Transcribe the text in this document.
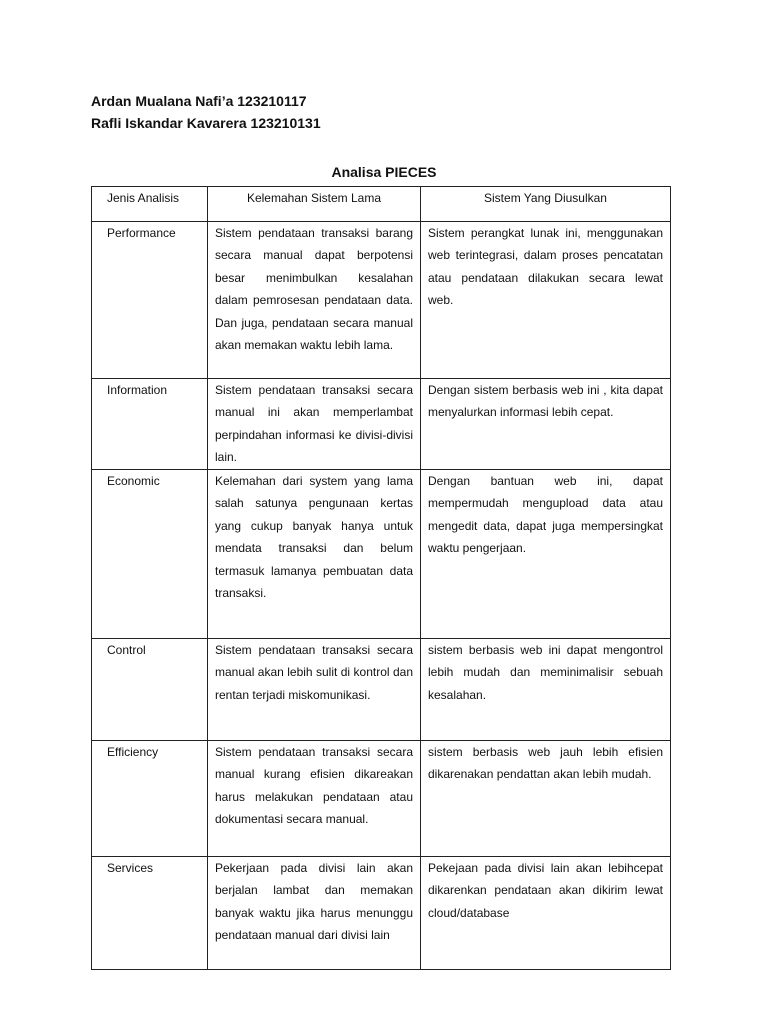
Ardan Mualana Nafi’a 123210117
Rafli Iskandar Kavarera 123210131
Analisa PIECES
Jenis Analisis	Kelemahan Sistem Lama	Sistem Yang Diusulkan
Performance	Sistem pendataan transaksi barang secara manual dapat berpotensi besar menimbulkan kesalahan dalam pemrosesan pendataan data. Dan juga, pendataan secara manual akan memakan waktu lebih lama.	Sistem perangkat lunak ini, menggunakan web terintegrasi, dalam proses pencatatan atau pendataan dilakukan secara lewat web.
Information	Sistem pendataan transaksi secara manual ini akan memperlambat perpindahan informasi ke divisi-divisi lain.	Dengan sistem berbasis web ini , kita dapat menyalurkan informasi lebih cepat.
Economic	Kelemahan dari system yang lama salah satunya pengunaan kertas yang cukup banyak hanya untuk mendata transaksi dan belum termasuk lamanya pembuatan data transaksi.	Dengan bantuan web ini, dapat mempermudah mengupload data atau mengedit data, dapat juga mempersingkat waktu pengerjaan.
Control	Sistem pendataan transaksi secara manual akan lebih sulit di kontrol dan rentan terjadi miskomunikasi.	sistem berbasis web ini dapat mengontrol lebih mudah dan meminimalisir sebuah kesalahan.
Efficiency	Sistem pendataan transaksi secara manual kurang efisien dikareakan harus melakukan pendataan atau dokumentasi secara manual.	sistem berbasis web jauh lebih efisien dikarenakan pendattan akan lebih mudah.
Services	Pekerjaan pada divisi lain akan berjalan lambat dan memakan banyak waktu jika harus menunggu pendataan manual dari divisi lain	Pekejaan pada divisi lain akan lebihcepat dikarenkan pendataan akan dikirim lewat cloud/database
